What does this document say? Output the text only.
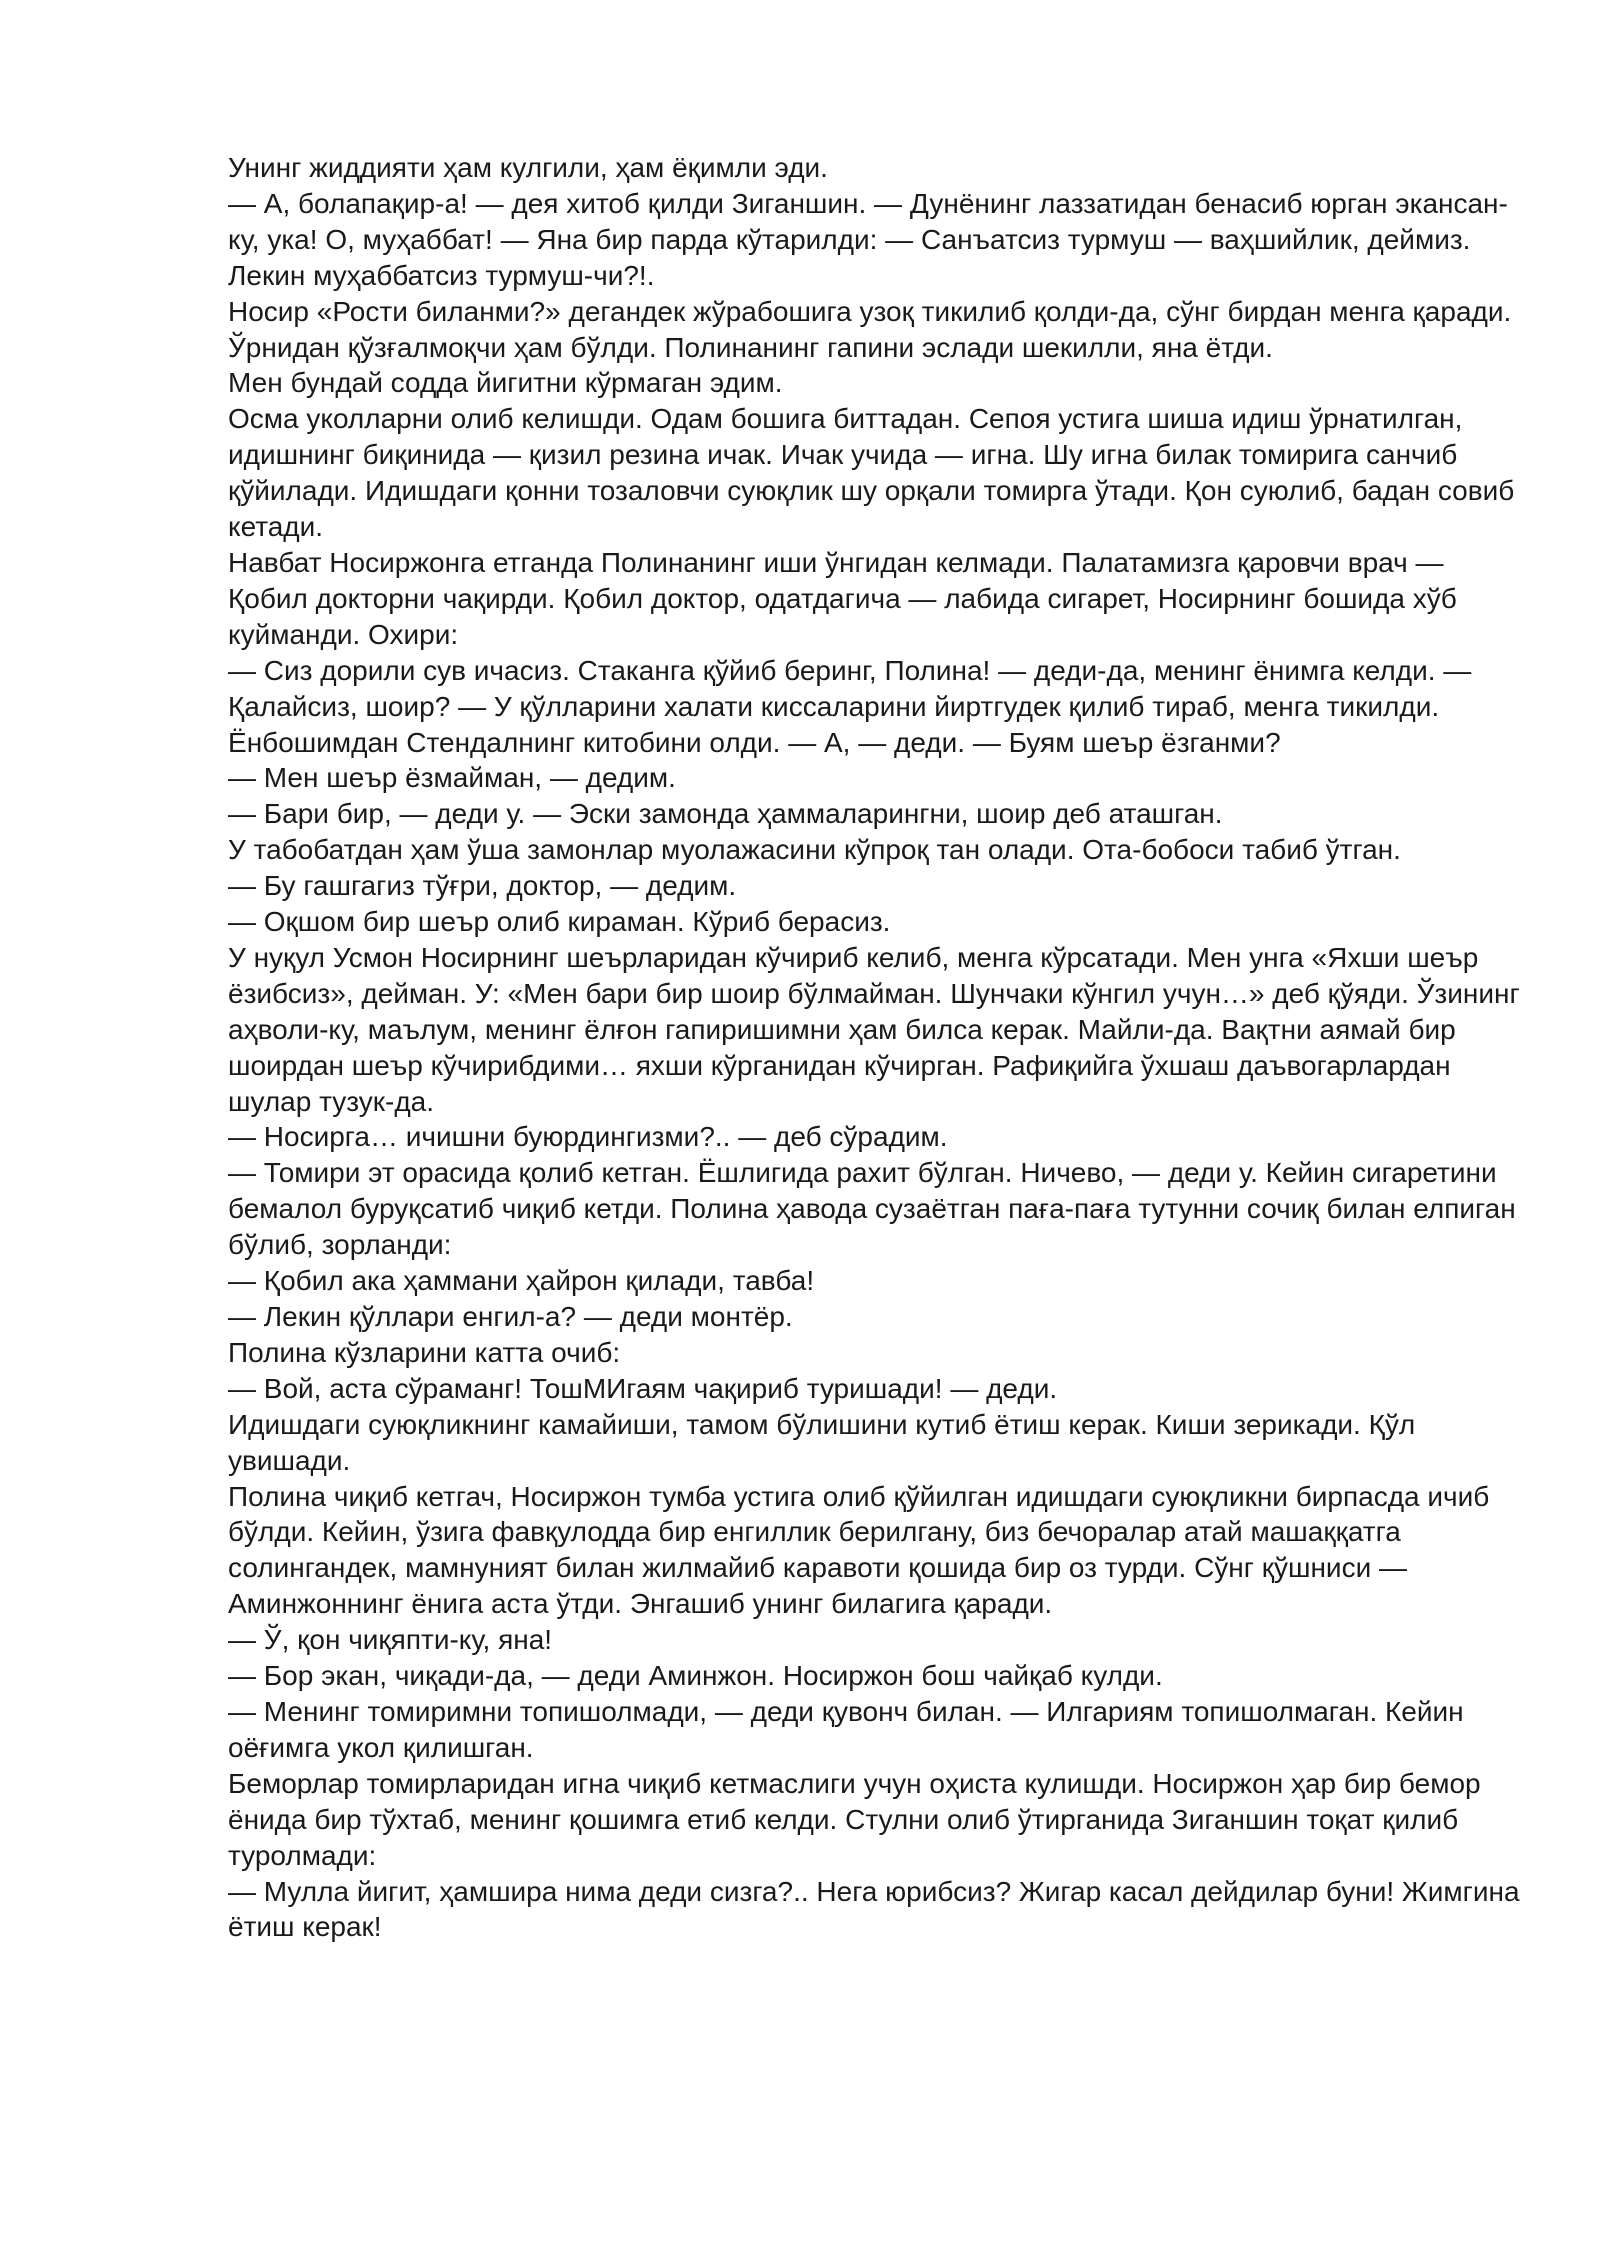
Унинг жиддияти ҳам кулгили, ҳам ёқимли эди.

— А, болапақир-а! — дея хитоб қилди Зиганшин. — Дунёнинг лаззатидан бенасиб юрган экансан-ку, ука! О, муҳаббат! — Яна бир парда кўтарилди: — Санъатсиз турмуш — ваҳшийлик, деймиз. Лекин муҳаббатсиз турмуш-чи?!.

Носир «Рости биланми?» дегандек жўрабошига узоқ тикилиб қолди-да, сўнг бирдан менга қаради. Ўрнидан қўзғалмоқчи ҳам бўлди. Полинанинг гапини эслади шекилли, яна ётди.

Мен бундай содда йигитни кўрмаган эдим.

Осма уколларни олиб келишди. Одам бошига биттадан. Сепоя устига шиша идиш ўрнатилган, идишнинг биқинида — қизил резина ичак. Ичак учида — игна. Шу игна билак томирига санчиб қўйилади. Идишдаги қонни тозаловчи суюқлик шу орқали томирга ўтади. Қон суюлиб, бадан совиб кетади.

Навбат Носиржонга етганда Полинанинг иши ўнгидан келмади. Палатамизга қаровчи врач — Қобил докторни чақирди. Қобил доктор, одатдагича — лабида сигарет, Носирнинг бошида хўб куйманди. Охири:

— Сиз дорили сув ичасиз. Стаканга қўйиб беринг, Полина! — деди-да, менинг ёнимга келди. — Қалайсиз, шоир? — У қўлларини халати киссаларини йиртгудек қилиб тираб, менга тикилди. Ёнбошимдан Стендалнинг китобини олди. — А, — деди. — Буям шеър ёзганми?

— Мен шеър ёзмайман, — дедим.

— Бари бир, — деди у. — Эски замонда ҳаммаларингни, шоир деб аташган.

У табобатдан ҳам ўша замонлар муолажасини кўпроқ тан олади. Ота-бобоси табиб ўтган.

— Бу гашгагиз тўғри, доктор, — дедим.

— Оқшом бир шеър олиб кираман. Кўриб берасиз.

У нуқул Усмон Носирнинг шеърларидан кўчириб келиб, менга кўрсатади. Мен унга «Яхши шеър ёзибсиз», дейман. У: «Мен бари бир шоир бўлмайман. Шунчаки кўнгил учун…» деб қўяди. Ўзининг аҳволи-ку, маълум, менинг ёлғон гапиришимни ҳам билса керак. Майли-да. Вақтни аямай бир шоирдан шеър кўчирибдими… яхши кўрганидан кўчирган. Рафиқийга ўхшаш даъвогарлардан шулар тузук-да.

— Носирга… ичишни буюрдингизми?.. — деб сўрадим.

— Томири эт орасида қолиб кетган. Ёшлигида рахит бўлган. Ничево, — деди у. Кейин сигаретини бемалол буруқсатиб чиқиб кетди. Полина ҳавода сузаётган паға-паға тутунни сочиқ билан елпиган бўлиб, зорланди:

— Қобил ака ҳаммани ҳайрон қилади, тавба!

— Лекин қўллари енгил-а? — деди монтёр.

Полина кўзларини катта очиб:

— Вой, аста сўраманг! ТошМИгаям чақириб туришади! — деди.

Идишдаги суюқликнинг камайиши, тамом бўлишини кутиб ётиш керак. Киши зерикади. Қўл увишади.

Полина чиқиб кетгач, Носиржон тумба устига олиб қўйилган идишдаги суюқликни бирпасда ичиб бўлди. Кейин, ўзига фавқулодда бир енгиллик берилгану, биз бечоралар атай машаққатга солингандек, мамнуният билан жилмайиб каравоти қошида бир оз турди. Сўнг қўшниси — Аминжоннинг ёнига аста ўтди. Энгашиб унинг билагига қаради.

— Ў, қон чиқяпти-ку, яна!

— Бор экан, чиқади-да, — деди Аминжон. Носиржон бош чайқаб кулди.

— Менинг томиримни топишолмади, — деди қувонч билан. — Илгариям топишолмаган. Кейин оёғимга укол қилишган.

Беморлар томирларидан игна чиқиб кетмаслиги учун оҳиста кулишди. Носиржон ҳар бир бемор ёнида бир тўхтаб, менинг қошимга етиб келди. Стулни олиб ўтирганида Зиганшин тоқат қилиб туролмади:

— Мулла йигит, ҳамшира нима деди сизга?.. Нега юрибсиз? Жигар касал дейдилар буни! Жимгина ётиш керак!
